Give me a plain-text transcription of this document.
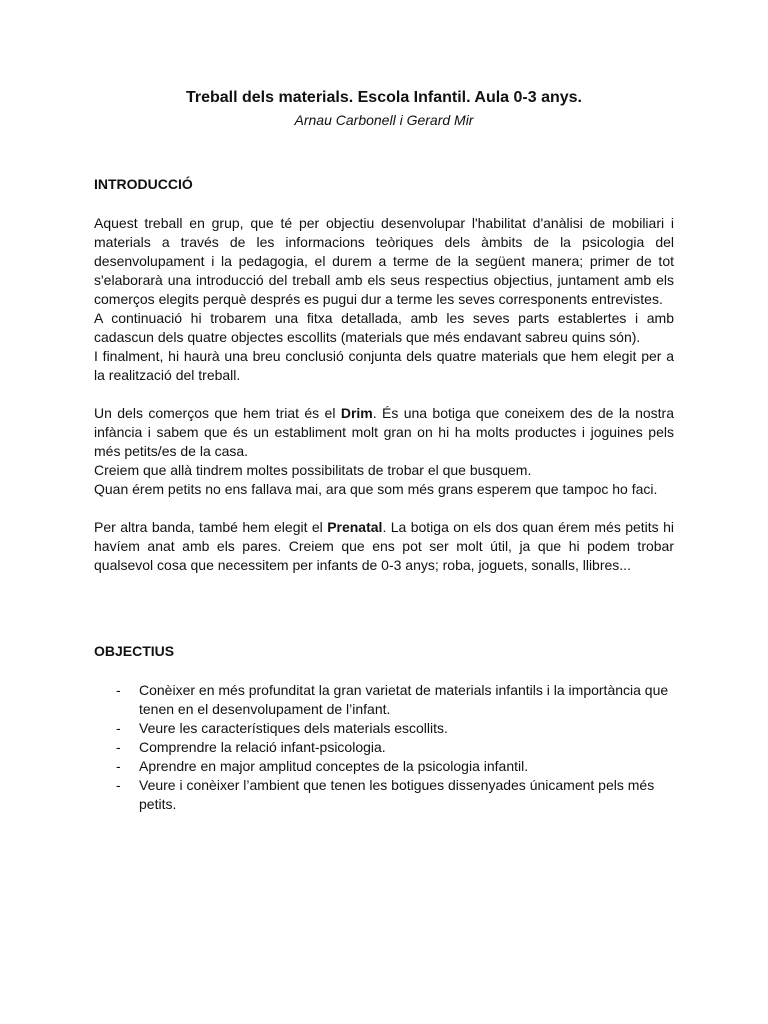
Treball dels materials. Escola Infantil. Aula 0-3 anys.

Arnau Carbonell i Gerard Mir

INTRODUCCIÓ

Aquest treball en grup, que té per objectiu desenvolupar l'habilitat d'anàlisi de mobiliari i materials a través de les informacions teòriques dels àmbits de la psicologia del desenvolupament i la pedagogia, el durem a terme de la següent manera; primer de tot s'elaborarà una introducció del treball amb els seus respectius objectius, juntament amb els comerços elegits perquè després es pugui dur a terme les seves corresponents entrevistes.

A continuació hi trobarem una fitxa detallada, amb les seves parts establertes i amb cadascun dels quatre objectes escollits (materials que més endavant sabreu quins són).

I finalment, hi haurà una breu conclusió conjunta dels quatre materials que hem elegit per a la realització del treball.

Un dels comerços que hem triat és el Drim. És una botiga que coneixem des de la nostra infància i sabem que és un establiment molt gran on hi ha molts productes i joguines pels més petits/es de la casa.

Creiem que allà tindrem moltes possibilitats de trobar el que busquem.

Quan érem petits no ens fallava mai, ara que som més grans esperem que tampoc ho faci.

Per altra banda, també hem elegit el Prenatal. La botiga on els dos quan érem més petits hi havíem anat amb els pares. Creiem que ens pot ser molt útil, ja que hi podem trobar qualsevol cosa que necessitem per infants de 0-3 anys; roba, joguets, sonalls, llibres...

OBJECTIUS
- Conèixer en més profunditat la gran varietat de materials infantils i la importància que tenen en el desenvolupament de l’infant.
- Veure les característiques dels materials escollits.
- Comprendre la relació infant-psicologia.
- Aprendre en major amplitud conceptes de la psicologia infantil.
- Veure i conèixer l’ambient que tenen les botigues dissenyades únicament pels més petits.
